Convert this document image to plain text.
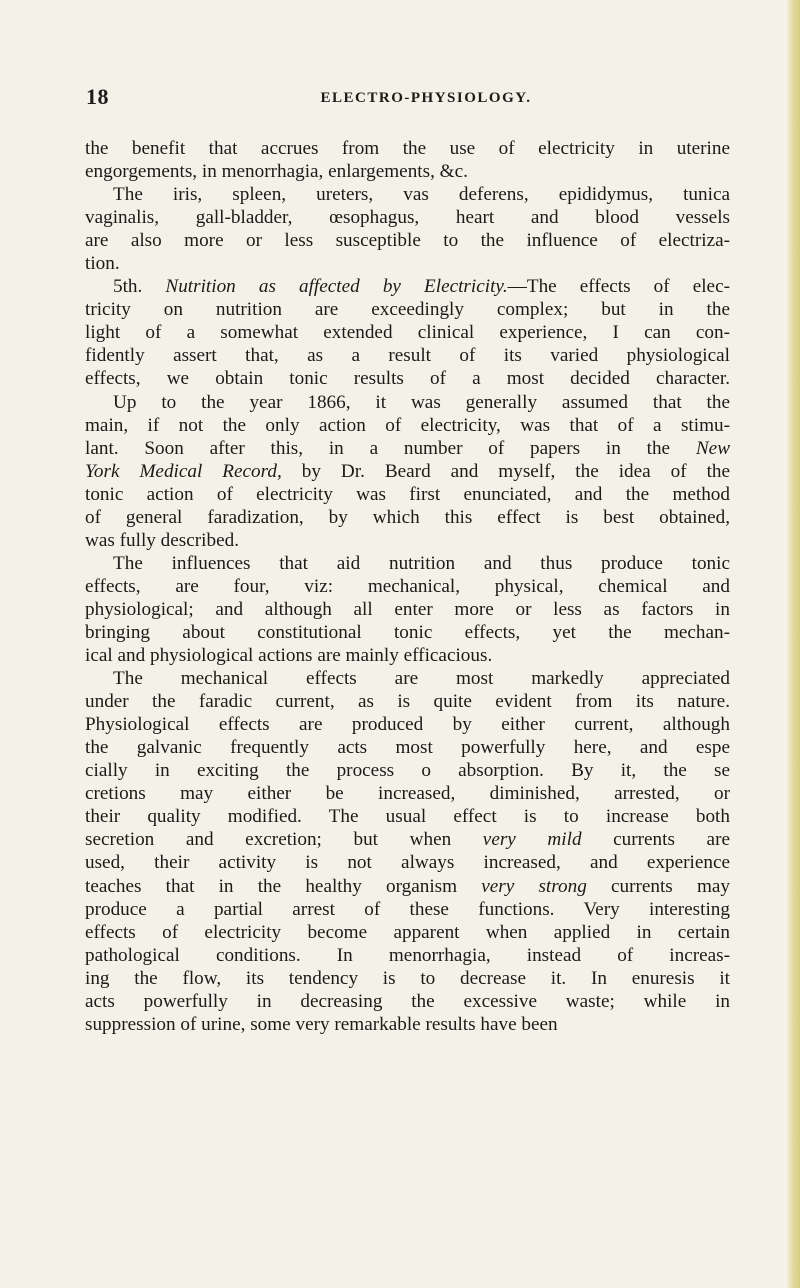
18	ELECTRO-PHYSIOLOGY.
the benefit that accrues from the use of electricity in uterine
engorgements, in menorrhagia, enlargements, &c.
The iris, spleen, ureters, vas deferens, epididymus, tunica
vaginalis, gall-bladder, œsophagus, heart and blood vessels
are also more or less susceptible to the influence of electriza-
tion.
5th. Nutrition as affected by Electricity.—The effects of elec-
tricity on nutrition are exceedingly complex; but in the
light of a somewhat extended clinical experience, I can con-
fidently assert that, as a result of its varied physiological
effects, we obtain tonic results of a most decided character.
Up to the year 1866, it was generally assumed that the
main, if not the only action of electricity, was that of a stimu-
lant. Soon after this, in a number of papers in the New
York Medical Record, by Dr. Beard and myself, the idea of the
tonic action of electricity was first enunciated, and the method
of general faradization, by which this effect is best obtained,
was fully described.
The influences that aid nutrition and thus produce tonic
effects, are four, viz: mechanical, physical, chemical and
physiological; and although all enter more or less as factors in
bringing about constitutional tonic effects, yet the mechan-
ical and physiological actions are mainly efficacious.
The mechanical effects are most markedly appreciated
under the faradic current, as is quite evident from its nature.
Physiological effects are produced by either current, although
the galvanic frequently acts most powerfully here, and espe
cially in exciting the process o absorption. By it, the se
cretions may either be increased, diminished, arrested, or
their quality modified. The usual effect is to increase both
secretion and excretion; but when very mild currents are
used, their activity is not always increased, and experience
teaches that in the healthy organism very strong currents may
produce a partial arrest of these functions. Very interesting
effects of electricity become apparent when applied in certain
pathological conditions. In menorrhagia, instead of increas-
ing the flow, its tendency is to decrease it. In enuresis it
acts powerfully in decreasing the excessive waste; while in
suppression of urine, some very remarkable results have been
